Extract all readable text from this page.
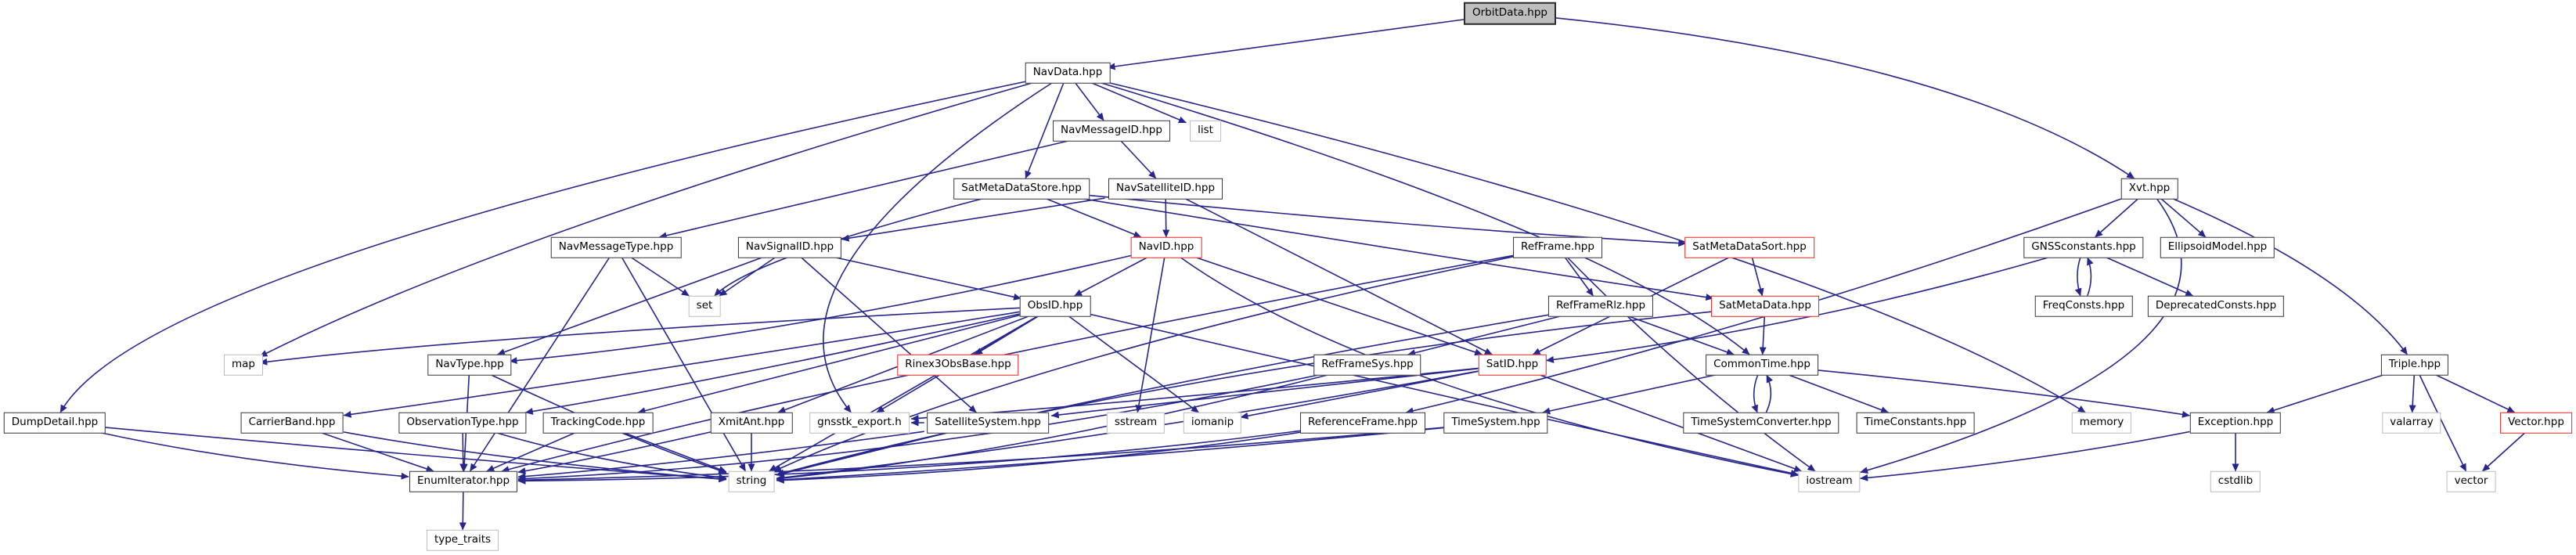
OrbitData.hpp
NavData.hpp
NavMessageID.hpp	list
SatMetaDataStore.hpp	NavSatelliteID.hpp	Xvt.hpp
NavMessageType.hpp	NavSignalID.hpp	NavID.hpp	RefFrame.hpp	SatMetaDataSort.hpp	GNSSconstants.hpp	EllipsoidModel.hpp
set	ObsID.hpp	RefFrameRlz.hpp	SatMetaData.hpp	FreqConsts.hpp	DeprecatedConsts.hpp
map	NavType.hpp	Rinex3ObsBase.hpp	RefFrameSys.hpp	SatID.hpp	CommonTime.hpp	Triple.hpp
DumpDetail.hpp	CarrierBand.hpp	ObservationType.hpp	TrackingCode.hpp	XmitAnt.hpp	gnsstk_export.h	SatelliteSystem.hpp	sstream	iomanip	ReferenceFrame.hpp	TimeSystem.hpp	TimeSystemConverter.hpp	TimeConstants.hpp	memory	Exception.hpp	valarray	Vector.hpp
EnumIterator.hpp	string	iostream	cstdlib	vector
type_traits
